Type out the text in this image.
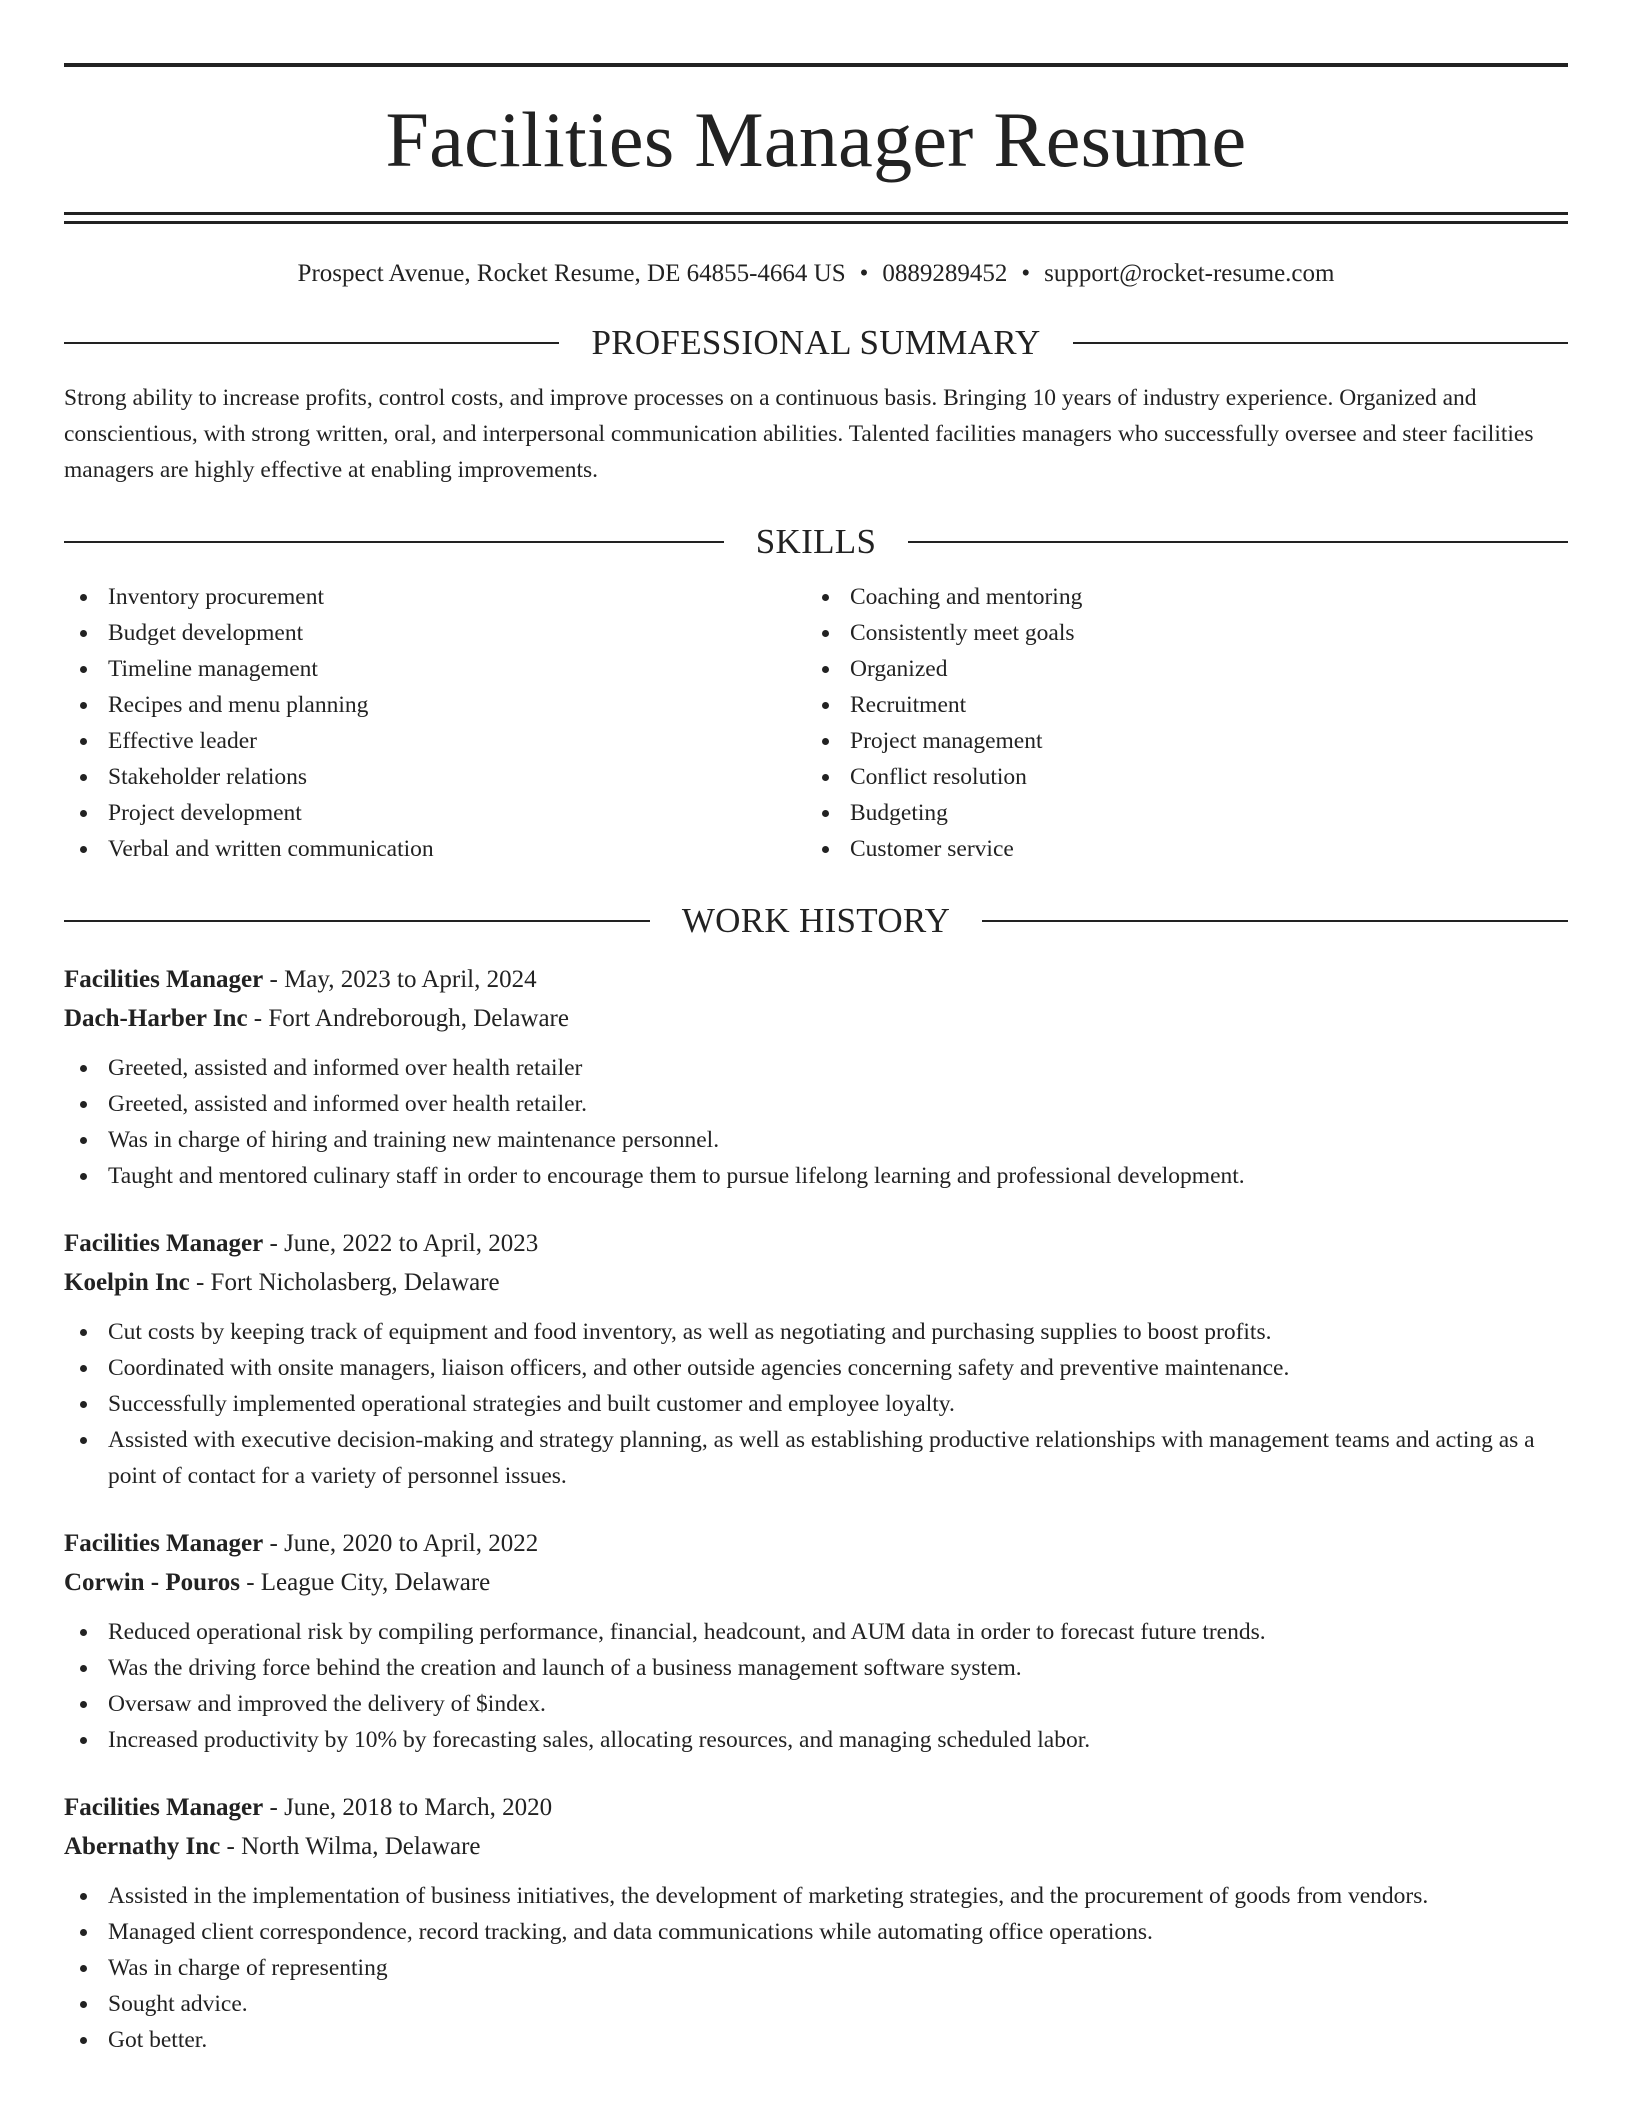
Facilities Manager Resume
Prospect Avenue, Rocket Resume, DE 64855-4664 US • 0889289452 • support@rocket-resume.com
PROFESSIONAL SUMMARY

Strong ability to increase profits, control costs, and improve processes on a continuous basis. Bringing 10 years of industry experience. Organized and conscientious, with strong written, oral, and interpersonal communication abilities. Talented facilities managers who successfully oversee and steer facilities managers are highly effective at enabling improvements.

SKILLS
Inventory procurement
Budget development
Timeline management
Recipes and menu planning
Effective leader
Stakeholder relations
Project development
Verbal and written communication
Coaching and mentoring
Consistently meet goals
Organized
Recruitment
Project management
Conflict resolution
Budgeting
Customer service
WORK HISTORY
Facilities Manager - May, 2023 to April, 2024
Dach-Harber Inc - Fort Andreborough, Delaware
Greeted, assisted and informed over health retailer
Greeted, assisted and informed over health retailer.
Was in charge of hiring and training new maintenance personnel.
Taught and mentored culinary staff in order to encourage them to pursue lifelong learning and professional development.
Facilities Manager - June, 2022 to April, 2023
Koelpin Inc - Fort Nicholasberg, Delaware
Cut costs by keeping track of equipment and food inventory, as well as negotiating and purchasing supplies to boost profits.
Coordinated with onsite managers, liaison officers, and other outside agencies concerning safety and preventive maintenance.
Successfully implemented operational strategies and built customer and employee loyalty.
Assisted with executive decision-making and strategy planning, as well as establishing productive relationships with management teams and acting as a point of contact for a variety of personnel issues.
Facilities Manager - June, 2020 to April, 2022
Corwin - Pouros - League City, Delaware
Reduced operational risk by compiling performance, financial, headcount, and AUM data in order to forecast future trends.
Was the driving force behind the creation and launch of a business management software system.
Oversaw and improved the delivery of $index.
Increased productivity by 10% by forecasting sales, allocating resources, and managing scheduled labor.
Facilities Manager - June, 2018 to March, 2020
Abernathy Inc - North Wilma, Delaware
Assisted in the implementation of business initiatives, the development of marketing strategies, and the procurement of goods from vendors.
Managed client correspondence, record tracking, and data communications while automating office operations.
Was in charge of representing
Sought advice.
Got better.
